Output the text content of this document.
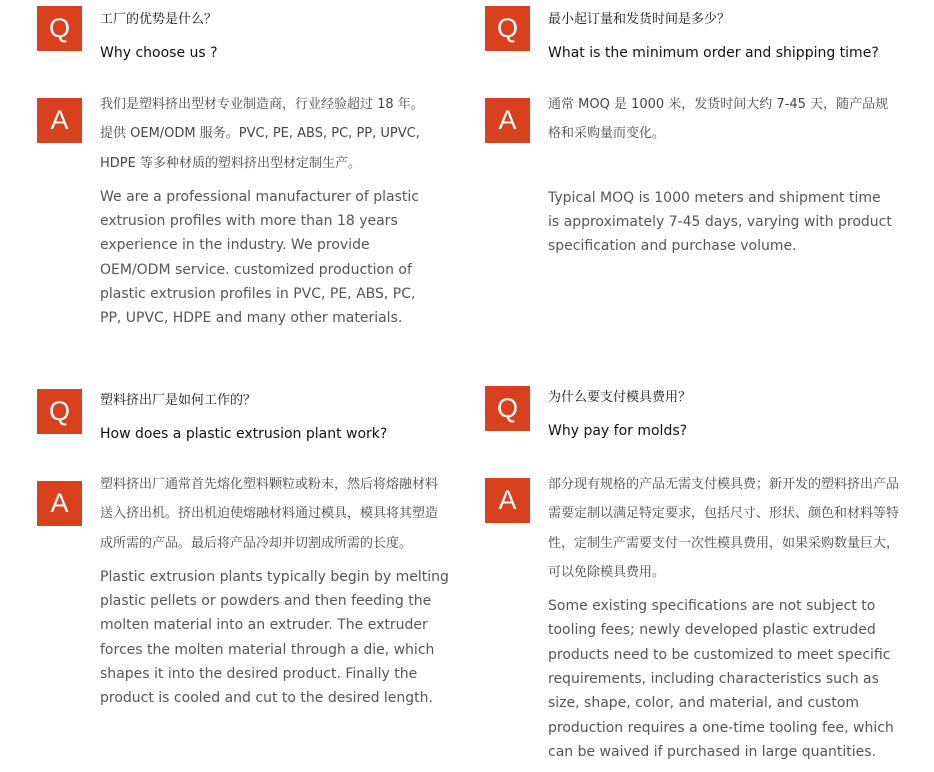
Q	工厂的优势是什么？
Why choose us ?
A
我们是塑料挤出型材专业制造商，行业经验超过 18 年。提供 OEM/ODM 服务。PVC, PE, ABS, PC, PP, UPVC, HDPE 等多种材质的塑料挤出型材定制生产。
We are a professional manufacturer of plastic extrusion profiles with more than 18 years experience in the industry. We provide OEM/ODM service. customized production of plastic extrusion profiles in PVC, PE, ABS, PC, PP, UPVC, HDPE and many other materials.
Q	最小起订量和发货时间是多少？
What is the minimum order and shipping time?
A
通常 MOQ 是 1000 米，发货时间大约 7-45 天，随产品规格和采购量而变化。
Typical MOQ is 1000 meters and shipment time is approximately 7-45 days, varying with product specification and purchase volume.
Q	塑料挤出厂是如何工作的？
How does a plastic extrusion plant work?
A
塑料挤出厂通常首先熔化塑料颗粒或粉末，然后将熔融材料送入挤出机。挤出机迫使熔融材料通过模具，模具将其塑造成所需的产品。最后将产品冷却并切割成所需的长度。
Plastic extrusion plants typically begin by melting plastic pellets or powders and then feeding the molten material into an extruder. The extruder forces the molten material through a die, which shapes it into the desired product. Finally the product is cooled and cut to the desired length.
Q	为什么要支付模具费用？
Why pay for molds?
A
部分现有规格的产品无需支付模具费；新开发的塑料挤出产品需要定制以满足特定要求，包括尺寸、形状、颜色和材料等特性，定制生产需要支付一次性模具费用，如果采购数量巨大，可以免除模具费用。
Some existing specifications are not subject to tooling fees; newly developed plastic extruded products need to be customized to meet specific requirements, including characteristics such as size, shape, color, and material, and custom production requires a one-time tooling fee, which can be waived if purchased in large quantities.
